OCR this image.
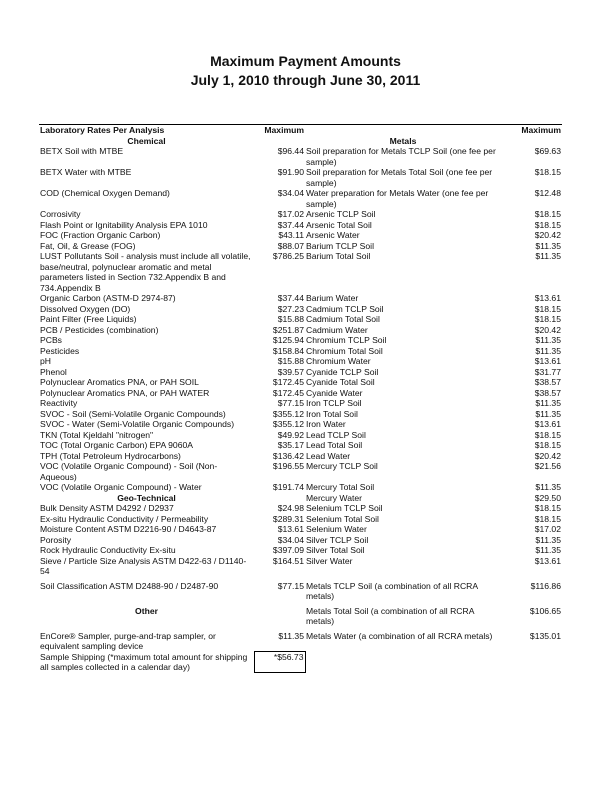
Maximum Payment Amounts
July 1, 2010 through June 30, 2011
Laboratory Rates Per Analysis	Maximum		Maximum
Chemical		Metals	
BETX Soil with MTBE	$96.44	Soil preparation for Metals TCLP Soil (one fee per sample)	$69.63
BETX Water with MTBE	$91.90	Soil preparation for Metals Total Soil (one fee per sample)	$18.15
COD (Chemical Oxygen Demand)	$34.04	Water preparation for Metals Water (one fee per sample)	$12.48
Corrosivity	$17.02	Arsenic TCLP Soil	$18.15
Flash Point or Ignitability Analysis EPA 1010	$37.44	Arsenic Total Soil	$18.15
FOC (Fraction Organic Carbon)	$43.11	Arsenic Water	$20.42
Fat, Oil, & Grease (FOG)	$88.07	Barium TCLP Soil	$11.35
LUST Pollutants Soil - analysis must include all volatile, base/neutral, polynuclear aromatic and metal parameters listed in Section 732.Appendix B and 734.Appendix B	$786.25	Barium Total Soil	$11.35
Organic Carbon (ASTM-D 2974-87)	$37.44	Barium Water	$13.61
Dissolved Oxygen (DO)	$27.23	Cadmium TCLP Soil	$18.15
Paint Filter (Free Liquids)	$15.88	Cadmium Total Soil	$18.15
PCB / Pesticides (combination)	$251.87	Cadmium Water	$20.42
PCBs	$125.94	Chromium TCLP Soil	$11.35
Pesticides	$158.84	Chromium Total Soil	$11.35
pH	$15.88	Chromium Water	$13.61
Phenol	$39.57	Cyanide TCLP Soil	$31.77
Polynuclear Aromatics PNA, or PAH SOIL	$172.45	Cyanide Total Soil	$38.57
Polynuclear Aromatics PNA, or PAH WATER	$172.45	Cyanide Water	$38.57
Reactivity	$77.15	Iron TCLP Soil	$11.35
SVOC - Soil (Semi-Volatile Organic Compounds)	$355.12	Iron Total Soil	$11.35
SVOC - Water (Semi-Volatile Organic Compounds)	$355.12	Iron Water	$13.61
TKN (Total Kjeldahl "nitrogen"	$49.92	Lead TCLP Soil	$18.15
TOC (Total Organic Carbon) EPA 9060A	$35.17	Lead Total Soil	$18.15
TPH (Total Petroleum Hydrocarbons)	$136.42	Lead Water	$20.42
VOC (Volatile Organic Compound) - Soil (Non-Aqueous)	$196.55	Mercury TCLP Soil	$21.56
VOC (Volatile Organic Compound) - Water	$191.74	Mercury Total Soil	$11.35
Geo-Technical		Mercury Water	$29.50
Bulk Density ASTM D4292 / D2937	$24.98	Selenium TCLP Soil	$18.15
Ex-situ Hydraulic Conductivity / Permeability	$289.31	Selenium Total Soil	$18.15
Moisture Content ASTM D2216-90 / D4643-87	$13.61	Selenium Water	$17.02
Porosity	$34.04	Silver TCLP Soil	$11.35
Rock Hydraulic Conductivity Ex-situ	$397.09	Silver Total Soil	$11.35
Sieve / Particle Size Analysis ASTM D422-63 / D1140-54	$164.51	Silver Water	$13.61
Soil Classification ASTM D2488-90 / D2487-90	$77.15	Metals TCLP Soil (a combination of all RCRA metals)	$116.86
Other		Metals Total Soil (a combination of all RCRA metals)	$106.65
EnCore® Sampler, purge-and-trap sampler, or equivalent sampling device	$11.35	Metals Water (a combination of all RCRA metals)	$135.01
Sample Shipping (*maximum total amount for shipping all samples collected in a calendar day)	*$56.73		
